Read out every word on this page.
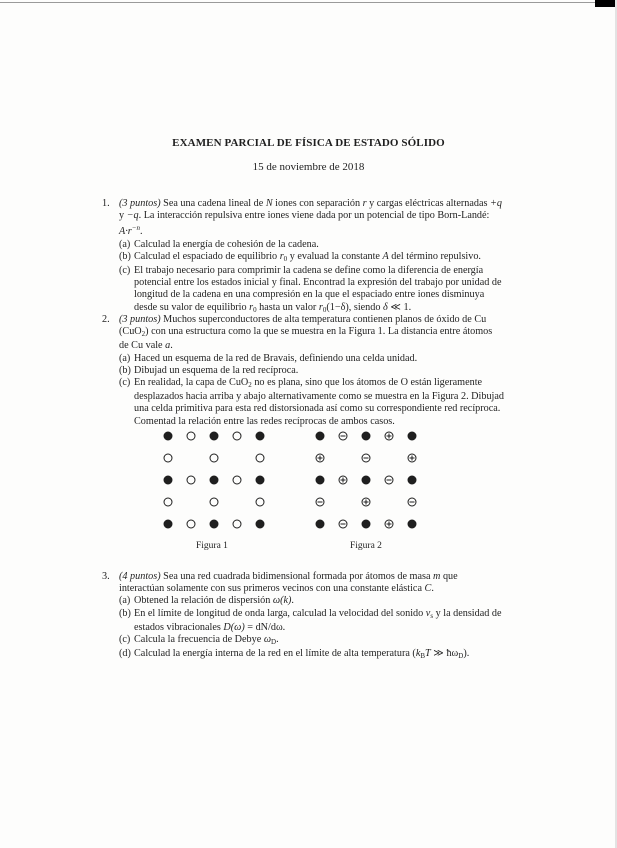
EXAMEN PARCIAL DE FÍSICA DE ESTADO SÓLIDO
15 de noviembre de 2018
1. (3 puntos) Sea una cadena lineal de N iones con separación r y cargas eléctricas alternadas +q y −q. La interacción repulsiva entre iones viene dada por un potencial de tipo Born-Landé: $A\cdot r^{-n}$.
(a) Calculad la energía de cohesión de la cadena.
(b) Calculad el espaciado de equilibrio r0 y evaluad la constante A del término repulsivo.
(c) El trabajo necesario para comprimir la cadena se define como la diferencia de energía potencial entre los estados inicial y final. Encontrad la expresión del trabajo por unidad de longitud de la cadena en una compresión en la que el espaciado entre iones disminuya desde su valor de equilibrio r0 hasta un valor r0(1−δ), siendo δ ≪ 1.
2. (3 puntos) Muchos superconductores de alta temperatura contienen planos de óxido de Cu (CuO2) con una estructura como la que se muestra en la Figura 1. La distancia entre átomos de Cu vale a.
(a) Haced un esquema de la red de Bravais, definiendo una celda unidad.
(b) Dibujad un esquema de la red recíproca.
(c) En realidad, la capa de CuO2 no es plana, sino que los átomos de O están ligeramente desplazados hacia arriba y abajo alternativamente como se muestra en la Figura 2. Dibujad una celda primitiva para esta red distorsionada así como su correspondiente red recíproca. Comentad la relación entre las redes recíprocas de ambos casos.
Figura 1	Figura 2
3. (4 puntos) Sea una red cuadrada bidimensional formada por átomos de masa m que interactúan solamente con sus primeros vecinos con una constante elástica C.
(a) Obtened la relación de dispersión ω(k).
(b) En el límite de longitud de onda larga, calculad la velocidad del sonido vs y la densidad de estados vibracionales D(ω) = dN/dω.
(c) Calcula la frecuencia de Debye ωD.
(d) Calculad la energía interna de la red en el límite de alta temperatura (kBT ≫ ħωD).
